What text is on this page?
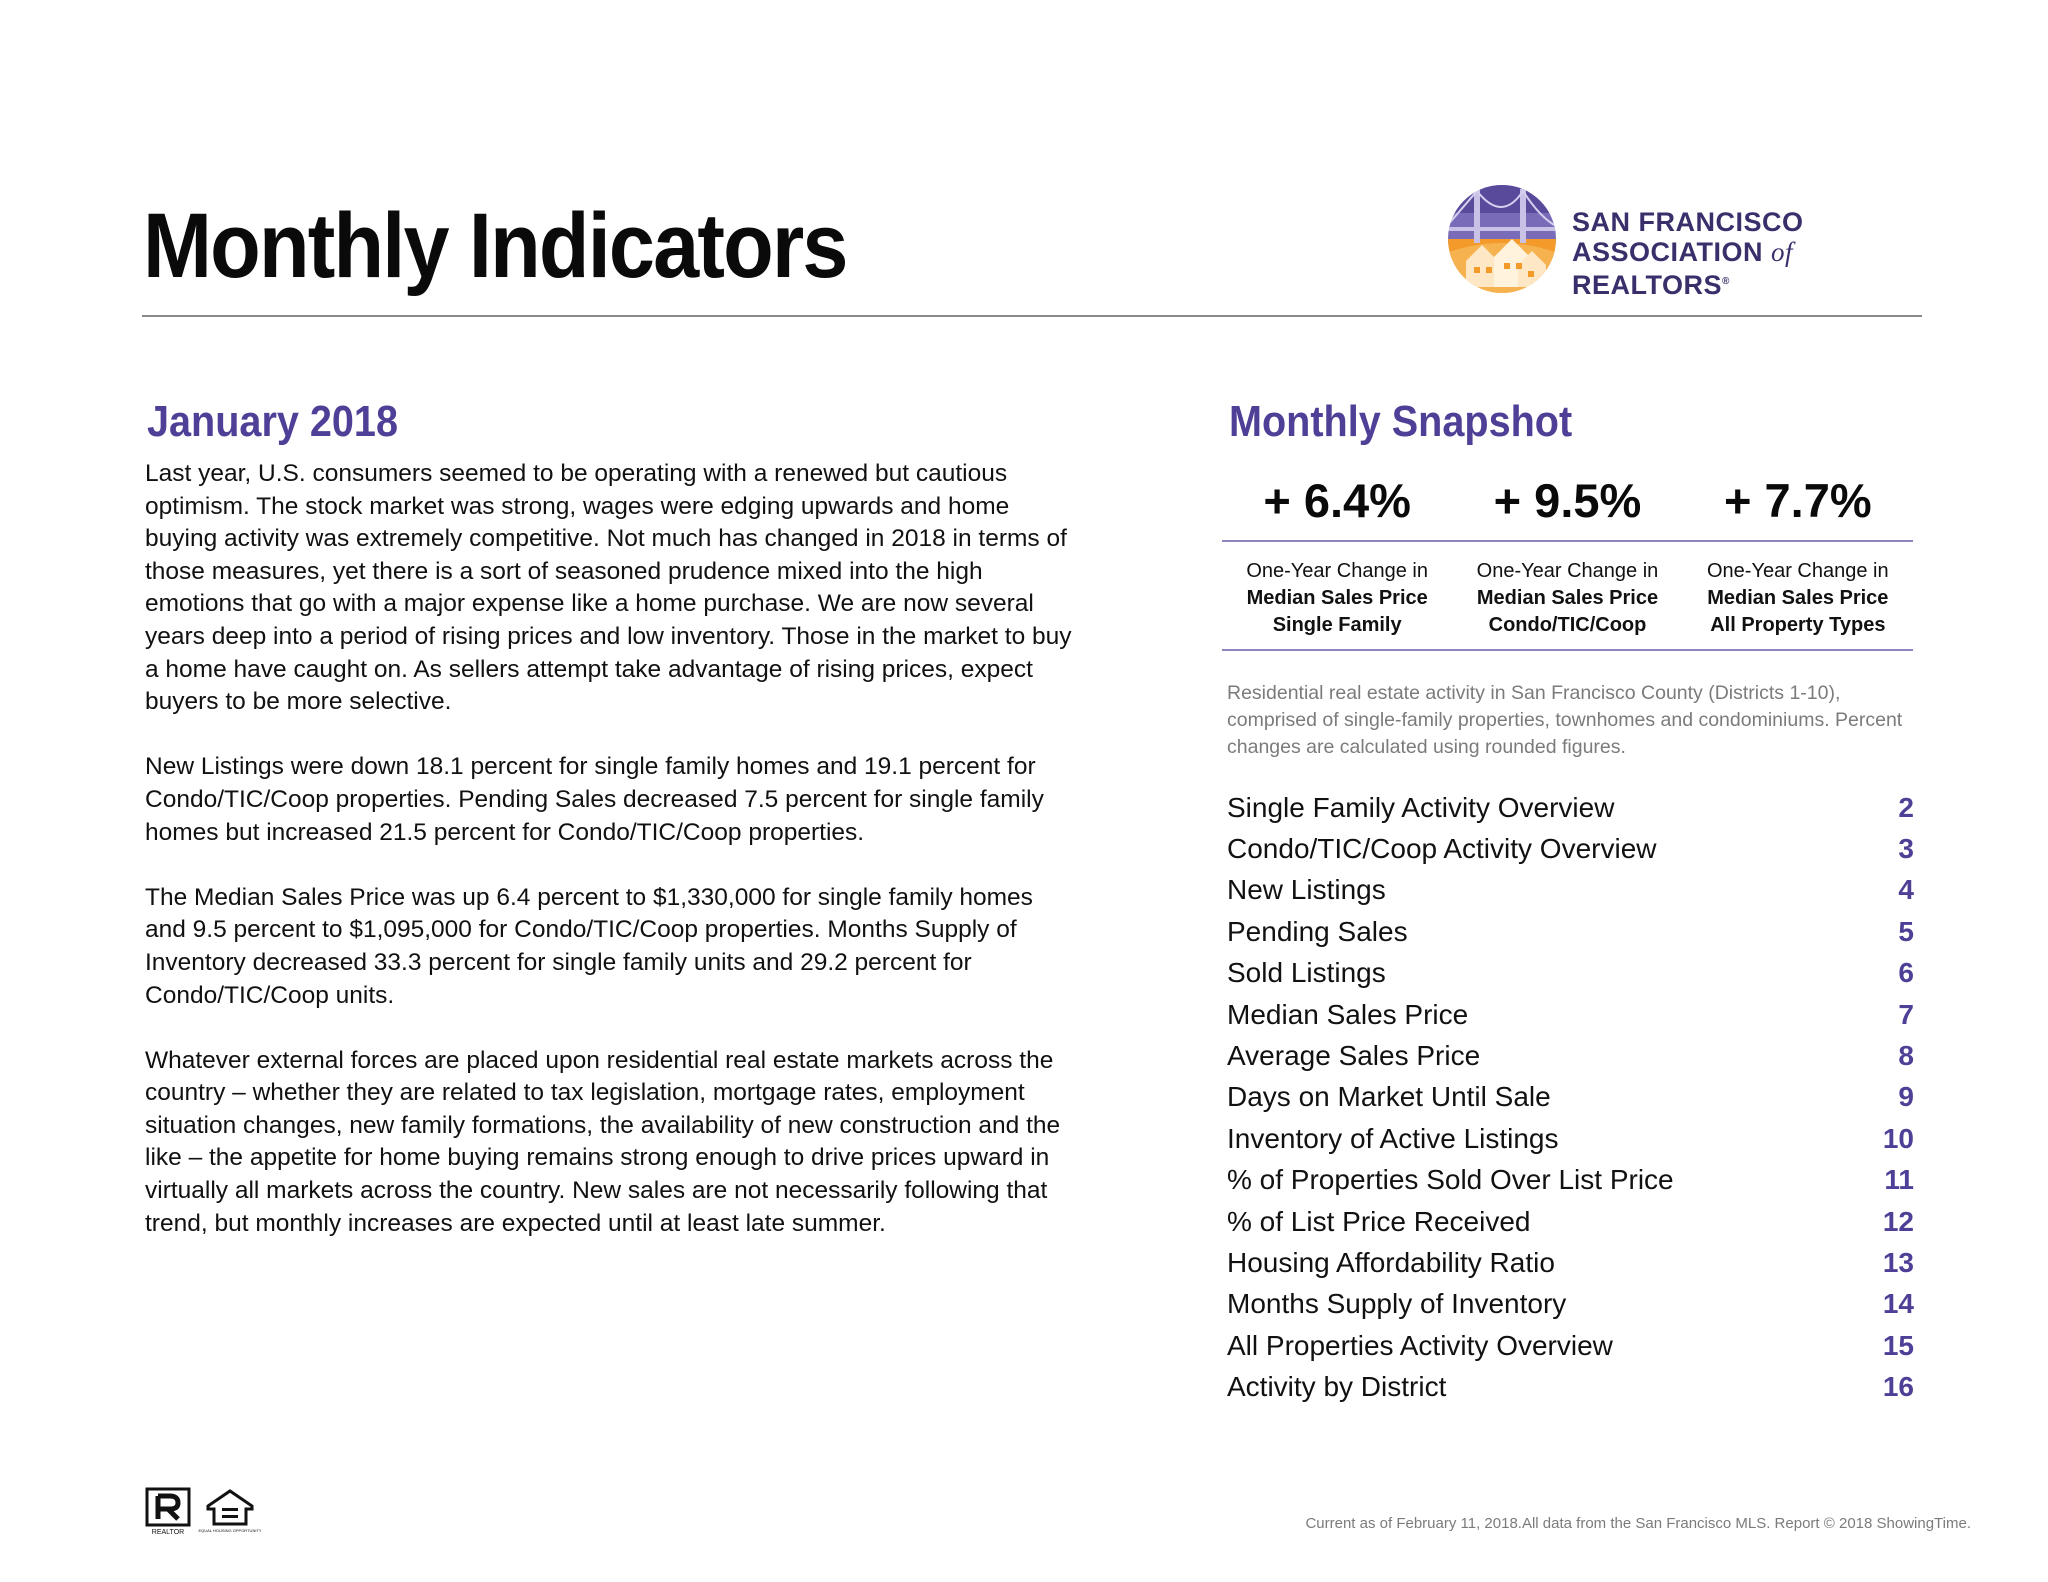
Monthly Indicators	SAN FRANCISCO
ASSOCIATION of REALTORS®
January 2018

Last year, U.S. consumers seemed to be operating with a renewed but cautious optimism. The stock market was strong, wages were edging upwards and home buying activity was extremely competitive. Not much has changed in 2018 in terms of those measures, yet there is a sort of seasoned prudence mixed into the high emotions that go with a major expense like a home purchase. We are now several years deep into a period of rising prices and low inventory. Those in the market to buy a home have caught on. As sellers attempt take advantage of rising prices, expect buyers to be more selective.

New Listings were down 18.1 percent for single family homes and 19.1 percent for Condo/TIC/Coop properties. Pending Sales decreased 7.5 percent for single family homes but increased 21.5 percent for Condo/TIC/Coop properties.

The Median Sales Price was up 6.4 percent to $1,330,000 for single family homes and 9.5 percent to $1,095,000 for Condo/TIC/Coop properties. Months Supply of Inventory decreased 33.3 percent for single family units and 29.2 percent for Condo/TIC/Coop units.

Whatever external forces are placed upon residential real estate markets across the country – whether they are related to tax legislation, mortgage rates, employment situation changes, new family formations, the availability of new construction and the like – the appetite for home buying remains strong enough to drive prices upward in virtually all markets across the country. New sales are not necessarily following that trend, but monthly increases are expected until at least late summer.

Monthly Snapshot
+ 6.4%	+ 9.5%	+ 7.7%
One-Year Change in
Median Sales Price
Single Family
One-Year Change in
Median Sales Price
Condo/TIC/Coop
One-Year Change in
Median Sales Price
All Property Types
Residential real estate activity in San Francisco County (Districts 1-10), comprised of single-family properties, townhomes and condominiums. Percent changes are calculated using rounded figures.
Single Family Activity Overview	2
Condo/TIC/Coop Activity Overview	3
New Listings	4
Pending Sales	5
Sold Listings	6
Median Sales Price	7
Average Sales Price	8
Days on Market Until Sale	9
Inventory of Active Listings	10
% of Properties Sold Over List Price	11
% of List Price Received	12
Housing Affordability Ratio	13
Months Supply of Inventory	14
All Properties Activity Overview	15
Activity by District	16
REALTOR	EQUAL HOUSING OPPORTUNITY	Current as of February 11, 2018.All data from the San Francisco MLS. Report © 2018 ShowingTime.
